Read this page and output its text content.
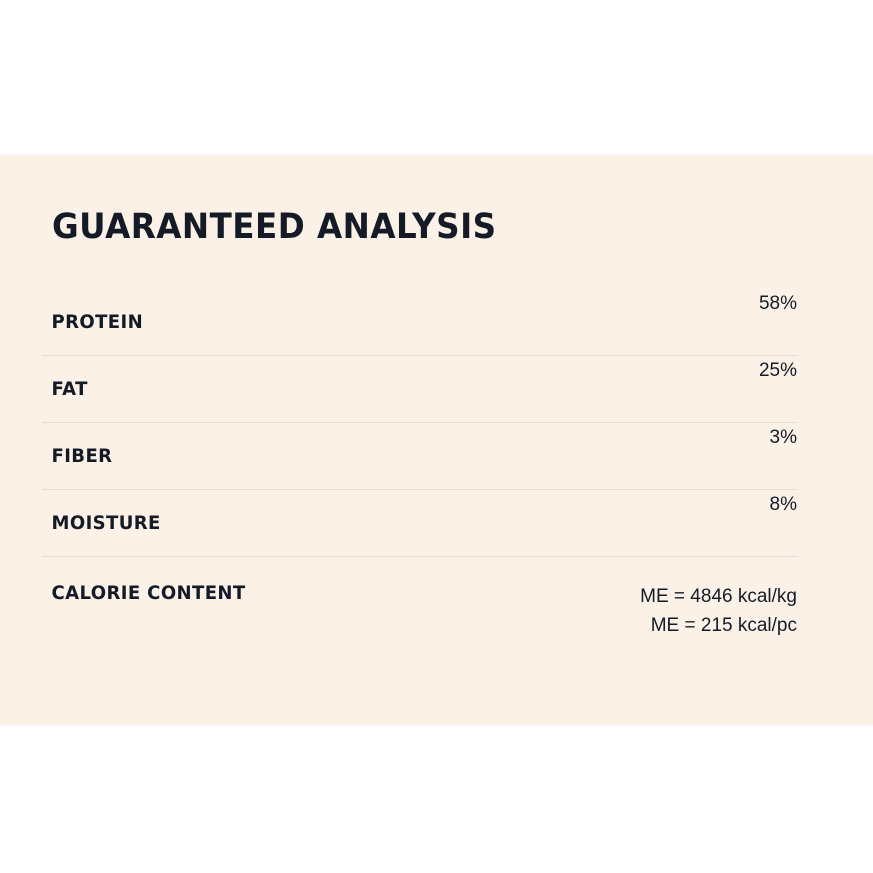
GUARANTEED ANALYSIS
PROTEIN	58%

FAT	25%

FIBER	3%

MOISTURE	8%

CALORIE CONTENT	ME = 4846 kcal/kg
ME = 215 kcal/pc
